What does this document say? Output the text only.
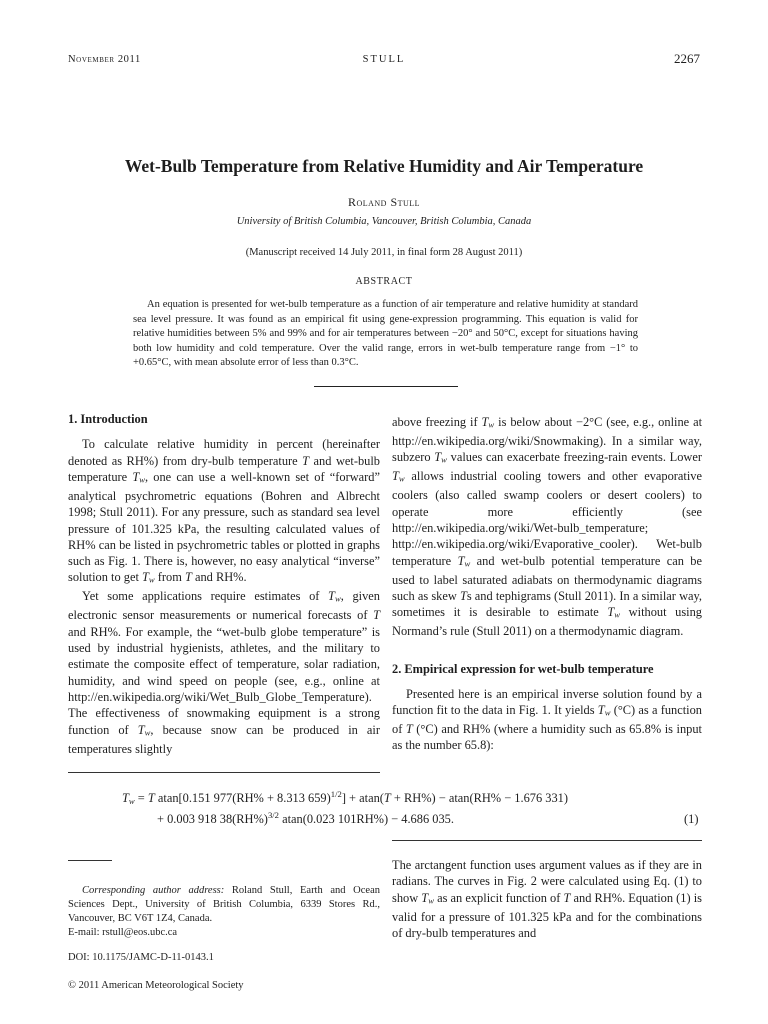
November 2011	STULL	2267
Wet-Bulb Temperature from Relative Humidity and Air Temperature
Roland Stull
University of British Columbia, Vancouver, British Columbia, Canada
(Manuscript received 14 July 2011, in final form 28 August 2011)
ABSTRACT

An equation is presented for wet-bulb temperature as a function of air temperature and relative humidity at standard sea level pressure. It was found as an empirical fit using gene-expression programming. This equation is valid for relative humidities between 5% and 99% and for air temperatures between −20° and 50°C, except for situations having both low humidity and cold temperature. Over the valid range, errors in wet-bulb temperature range from −1° to +0.65°C, with mean absolute error of less than 0.3°C.

1. Introduction

To calculate relative humidity in percent (hereinafter denoted as RH%) from dry-bulb temperature T and wet-bulb temperature $T_w$, one can use a well-known set of “forward” analytical psychrometric equations (Bohren and Albrecht 1998; Stull 2011). For any pressure, such as standard sea level pressure of 101.325 kPa, the resulting calculated values of RH% can be listed in psychrometric tables or plotted in graphs such as Fig. 1. There is, however, no easy analytical “inverse” solution to get $T_w$ from T and RH%.

Yet some applications require estimates of $T_w$, given electronic sensor measurements or numerical forecasts of T and RH%. For example, the “wet-bulb globe temperature” is used by industrial hygienists, athletes, and the military to estimate the composite effect of temperature, solar radiation, humidity, and wind speed on people (see, e.g., online at http://en.wikipedia.org/wiki/Wet_Bulb_Globe_Temperature). The effectiveness of snowmaking equipment is a strong function of $T_w$, because snow can be produced in air temperatures slightly

above freezing if $T_w$ is below about −2°C (see, e.g., online at http://en.wikipedia.org/wiki/Snowmaking). In a similar way, subzero $T_w$ values can exacerbate freezing-rain events. Lower $T_w$ allows industrial cooling towers and other evaporative coolers (also called swamp coolers or desert coolers) to operate more efficiently (see http://en.wikipedia.org/wiki/Wet-bulb_temperature; http://en.wikipedia.org/wiki/Evaporative_cooler). Wet-bulb temperature $T_w$ and wet-bulb potential temperature can be used to label saturated adiabats on thermodynamic diagrams such as skew Ts and tephigrams (Stull 2011). In a similar way, sometimes it is desirable to estimate $T_w$ without using Normand’s rule (Stull 2011) on a thermodynamic diagram.

2. Empirical expression for wet-bulb temperature

Presented here is an empirical inverse solution found by a function fit to the data in Fig. 1. It yields $T_w$ (°C) as a function of T (°C) and RH% (where a humidity such as 65.8% is input as the number 65.8):

$T_w = T$ atan[0.151 977(RH% + 8.313 659)$^{1/2}$] + atan(T + RH%) − atan(RH% − 1.676 331)
+ 0.003 918 $38(RH\%)^{3/2}$ atan(0.023 101RH%) − 4.686 035.	(1)

Corresponding author address: Roland Stull, Earth and Ocean Sciences Dept., University of British Columbia, 6339 Stores Rd., Vancouver, BC V6T 1Z4, Canada.

E-mail: rstull@eos.ubc.ca
DOI: 10.1175/JAMC-D-11-0143.1
© 2011 American Meteorological Society

The arctangent function uses argument values as if they are in radians. The curves in Fig. 2 were calculated using Eq. (1) to show $T_w$ as an explicit function of T and RH%. Equation (1) is valid for a pressure of 101.325 kPa and for the combinations of dry-bulb temperatures and
